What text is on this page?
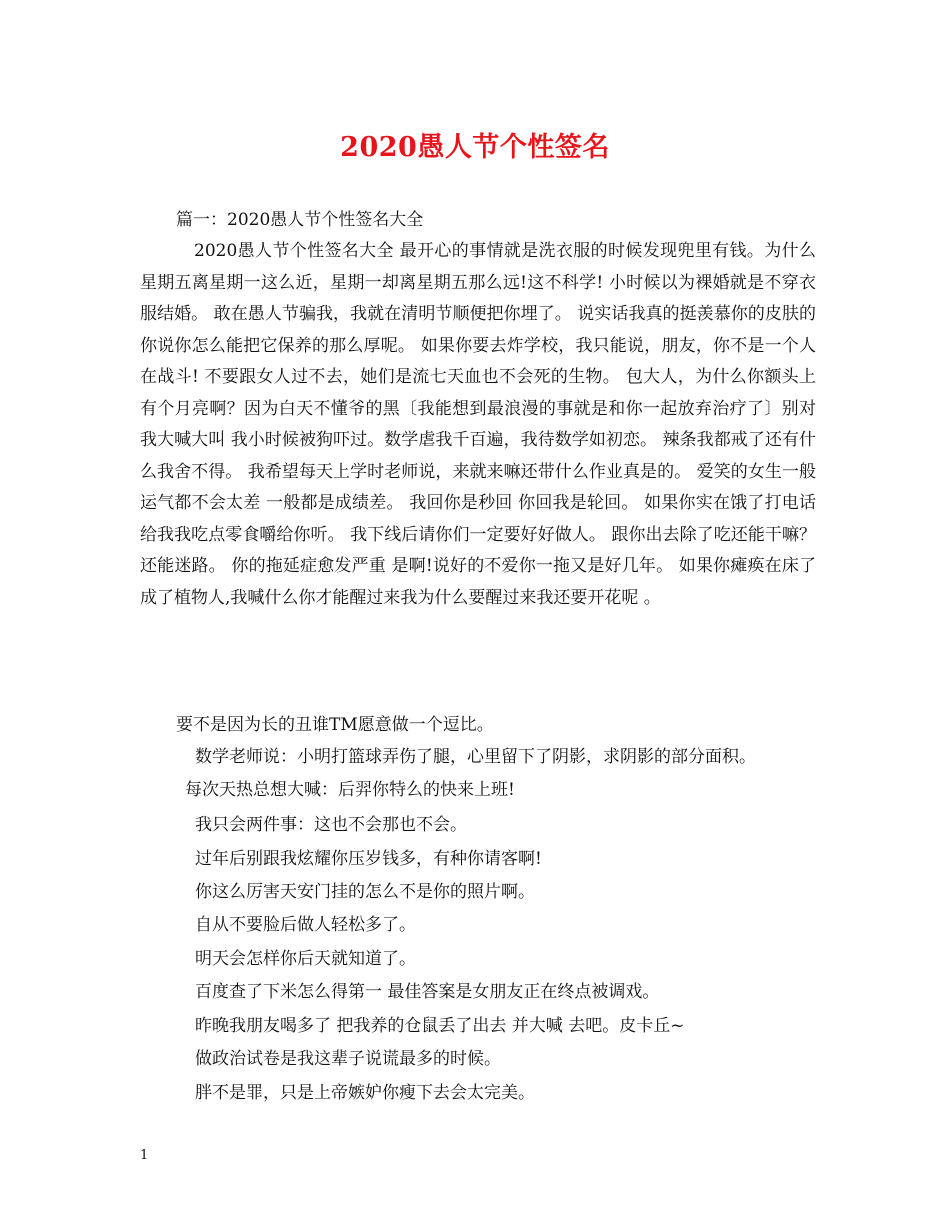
2020愚人节个性签名
篇一：2020愚人节个性签名大全

2020愚人节个性签名大全 最开心的事情就是洗衣服的时候发现兜里有钱。为什么星期五离星期一这么近，星期一却离星期五那么远!这不科学! 小时候以为裸婚就是不穿衣服结婚。 敢在愚人节骗我，我就在清明节顺便把你埋了。 说实话我真的挺羡慕你的皮肤的 你说你怎么能把它保养的那么厚呢。 如果你要去炸学校，我只能说，朋友，你不是一个人在战斗! 不要跟女人过不去，她们是流七天血也不会死的生物。 包大人，为什么你额头上有个月亮啊？因为白天不懂爷的黑〔我能想到最浪漫的事就是和你一起放弃治疗了〕别对我大喊大叫 我小时候被狗吓过。数学虐我千百遍，我待数学如初恋。 辣条我都戒了还有什么我舍不得。 我希望每天上学时老师说，来就来嘛还带什么作业真是的。 爱笑的女生一般运气都不会太差 一般都是成绩差。 我回你是秒回 你回我是轮回。 如果你实在饿了打电话给我我吃点零食嚼给你听。 我下线后请你们一定要好好做人。 跟你出去除了吃还能干嘛？还能迷路。 你的拖延症愈发严重 是啊!说好的不爱你一拖又是好几年。 如果你瘫痪在床了成了植物人,我喊什么你才能醒过来我为什么要醒过来我还要开花呢 。

要不是因为长的丑谁TM愿意做一个逗比。
数学老师说：小明打篮球弄伤了腿，心里留下了阴影，求阴影的部分面积。
每次天热总想大喊：后羿你特么的快来上班!
我只会两件事：这也不会那也不会。
过年后别跟我炫耀你压岁钱多，有种你请客啊!
你这么厉害天安门挂的怎么不是你的照片啊。
自从不要脸后做人轻松多了。
明天会怎样你后天就知道了。
百度查了下米怎么得第一 最佳答案是女朋友正在终点被调戏。
昨晚我朋友喝多了 把我养的仓鼠丢了出去 并大喊 去吧。皮卡丘~
做政治试卷是我这辈子说谎最多的时候。
胖不是罪，只是上帝嫉妒你瘦下去会太完美。
1
